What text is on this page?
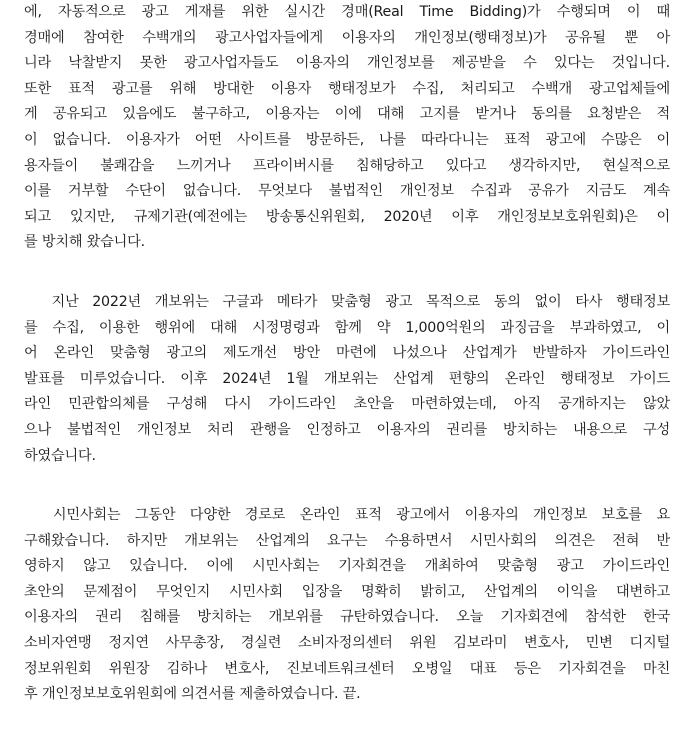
에, 자동적으로 광고 게재를 위한 실시간 경매(Real Time Bidding)가 수행되며 이 때
경매에 참여한 수백개의 광고사업자들에게 이용자의 개인정보(행태정보)가 공유될 뿐 아
니라 낙찰받지 못한 광고사업자들도 이용자의 개인정보를 제공받을 수 있다는 것입니다.
또한 표적 광고를 위해 방대한 이용자 행태정보가 수집, 처리되고 수백개 광고업체들에
게 공유되고 있음에도 불구하고, 이용자는 이에 대해 고지를 받거나 동의를 요청받은 적
이 없습니다. 이용자가 어떤 사이트를 방문하든, 나를 따라다니는 표적 광고에 수많은 이
용자들이 불쾌감을 느끼거나 프라이버시를 침해당하고 있다고 생각하지만, 현실적으로
이를 거부할 수단이 없습니다. 무엇보다 불법적인 개인정보 수집과 공유가 지금도 계속
되고 있지만, 규제기관(예전에는 방송통신위원회, 2020년 이후 개인정보보호위원회)은 이
를 방치해 왔습니다.
지난 2022년 개보위는 구글과 메타가 맞춤형 광고 목적으로 동의 없이 타사 행태정보
를 수집, 이용한 행위에 대해 시정명령과 함께 약 1,000억원의 과징금을 부과하였고, 이
어 온라인 맞춤형 광고의 제도개선 방안 마련에 나섰으나 산업계가 반발하자 가이드라인
발표를 미루었습니다. 이후 2024년 1월 개보위는 산업계 편향의 온라인 행태정보 가이드
라인 민관합의체를 구성해 다시 가이드라인 초안을 마련하였는데, 아직 공개하지는 않았
으나 불법적인 개인정보 처리 관행을 인정하고 이용자의 권리를 방치하는 내용으로 구성
하였습니다.
시민사회는 그동안 다양한 경로로 온라인 표적 광고에서 이용자의 개인정보 보호를 요
구해왔습니다. 하지만 개보위는 산업계의 요구는 수용하면서 시민사회의 의견은 전혀 반
영하지 않고 있습니다. 이에 시민사회는 기자회견을 개최하여 맞춤형 광고 가이드라인
초안의 문제점이 무엇인지 시민사회 입장을 명확히 밝히고, 산업계의 이익을 대변하고
이용자의 권리 침해를 방치하는 개보위를 규탄하였습니다. 오늘 기자회견에 참석한 한국
소비자연맹 정지연 사무총장, 경실련 소비자정의센터 위원 김보라미 변호사, 민변 디지털
정보위원회 위원장 김하나 변호사, 진보네트워크센터 오병일 대표 등은 기자회견을 마친
후 개인정보보호위원회에 의견서를 제출하였습니다. 끝.
